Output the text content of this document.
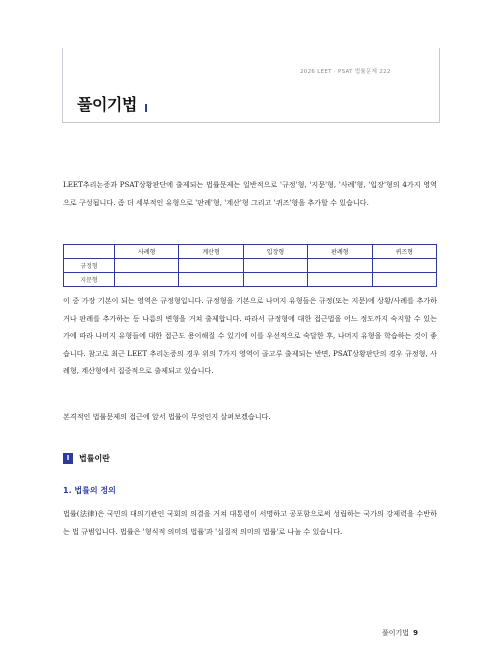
2026 LEET · PSAT 법률문제 222
풀이기법
LEET추리논증과 PSAT상황판단에 출제되는 법률문제는 일반적으로 '규정'형, '지문'형, '사례'형, '입장'형의 4가지 영역으로 구성됩니다. 좀 더 세부적인 유형으로 '판례'형, '계산'형 그리고 '퀴즈'형을 추가할 수 있습니다.
	사례형	계산형	입장형	판례형	퀴즈형
규정형					
지문형					
이 중 가장 기본이 되는 영역은 규정형입니다. 규정형을 기본으로 나머지 유형들은 규정(또는 지문)에 상황/사례를 추가하거나 판례를 추가하는 등 나름의 변형을 거쳐 출제합니다. 따라서 규정형에 대한 접근법을 어느 정도까지 숙지할 수 있는가에 따라 나머지 유형들에 대한 접근도 용이해질 수 있기에 이를 우선적으로 숙달한 후, 나머지 유형을 학습하는 것이 좋습니다. 참고로 최근 LEET 추리논증의 경우 위의 7가지 영역이 골고루 출제되는 반면, PSAT상황판단의 경우 규정형, 사례형, 계산형에서 집중적으로 출제되고 있습니다.
본격적인 법률문제의 접근에 앞서 법률이 무엇인지 살펴보겠습니다.
I	법률이란
1. 법률의 정의
법률(法律)은 국민의 대의기관인 국회의 의결을 거쳐 대통령이 서명하고 공포함으로써 성립하는 국가의 강제력을 수반하는 법 규범입니다. 법률은 '형식적 의미의 법률'과 '실질적 의미의 법률'로 나눌 수 있습니다.
풀이기법 9
